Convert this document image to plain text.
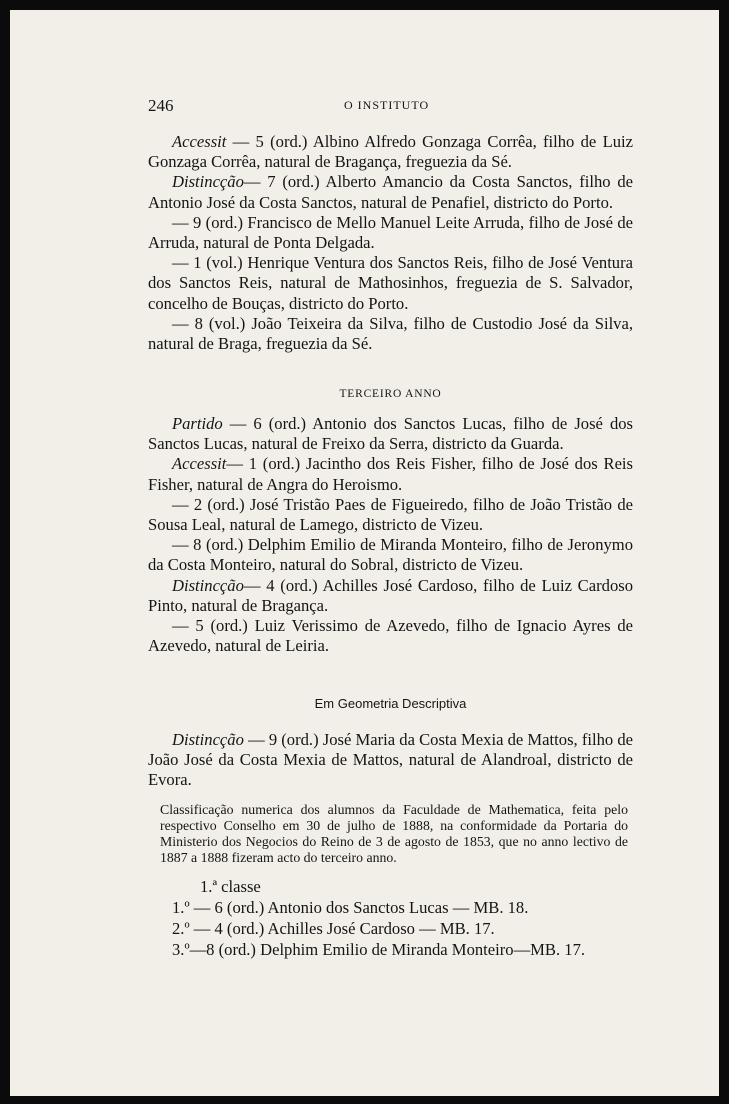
246	O INSTITUTO

Accessit — 5 (ord.) Albino Alfredo Gonzaga Corrêa, filho de Luiz Gonzaga Corrêa, natural de Bragança, freguezia da Sé.

Distincção— 7 (ord.) Alberto Amancio da Costa Sanctos, filho de Antonio José da Costa Sanctos, natural de Penafiel, districto do Porto.

— 9 (ord.) Francisco de Mello Manuel Leite Arruda, filho de José de Arruda, natural de Ponta Delgada.

— 1 (vol.) Henrique Ventura dos Sanctos Reis, filho de José Ventura dos Sanctos Reis, natural de Mathosinhos, freguezia de S. Salvador, concelho de Bouças, districto do Porto.

— 8 (vol.) João Teixeira da Silva, filho de Custodio José da Silva, natural de Braga, freguezia da Sé.

TERCEIRO ANNO

Partido — 6 (ord.) Antonio dos Sanctos Lucas, filho de José dos Sanctos Lucas, natural de Freixo da Serra, districto da Guarda.

Accessit— 1 (ord.) Jacintho dos Reis Fisher, filho de José dos Reis Fisher, natural de Angra do Heroismo.

— 2 (ord.) José Tristão Paes de Figueiredo, filho de João Tristão de Sousa Leal, natural de Lamego, districto de Vizeu.

— 8 (ord.) Delphim Emilio de Miranda Monteiro, filho de Jeronymo da Costa Monteiro, natural do Sobral, districto de Vizeu.

Distincção— 4 (ord.) Achilles José Cardoso, filho de Luiz Cardoso Pinto, natural de Bragança.

— 5 (ord.) Luiz Verissimo de Azevedo, filho de Ignacio Ayres de Azevedo, natural de Leiria.

Em Geometria Descriptiva

Distincção — 9 (ord.) José Maria da Costa Mexia de Mattos, filho de João José da Costa Mexia de Mattos, natural de Alandroal, districto de Evora.

Classificação numerica dos alumnos da Faculdade de Mathematica, feita pelo respectivo Conselho em 30 de julho de 1888, na conformidade da Portaria do Ministerio dos Negocios do Reino de 3 de agosto de 1853, que no anno lectivo de 1887 a 1888 fizeram acto do terceiro anno.

1.ª classe

1.º — 6 (ord.) Antonio dos Sanctos Lucas — MB. 18.

2.º — 4 (ord.) Achilles José Cardoso — MB. 17.

3.º—8 (ord.) Delphim Emilio de Miranda Monteiro—MB. 17.
